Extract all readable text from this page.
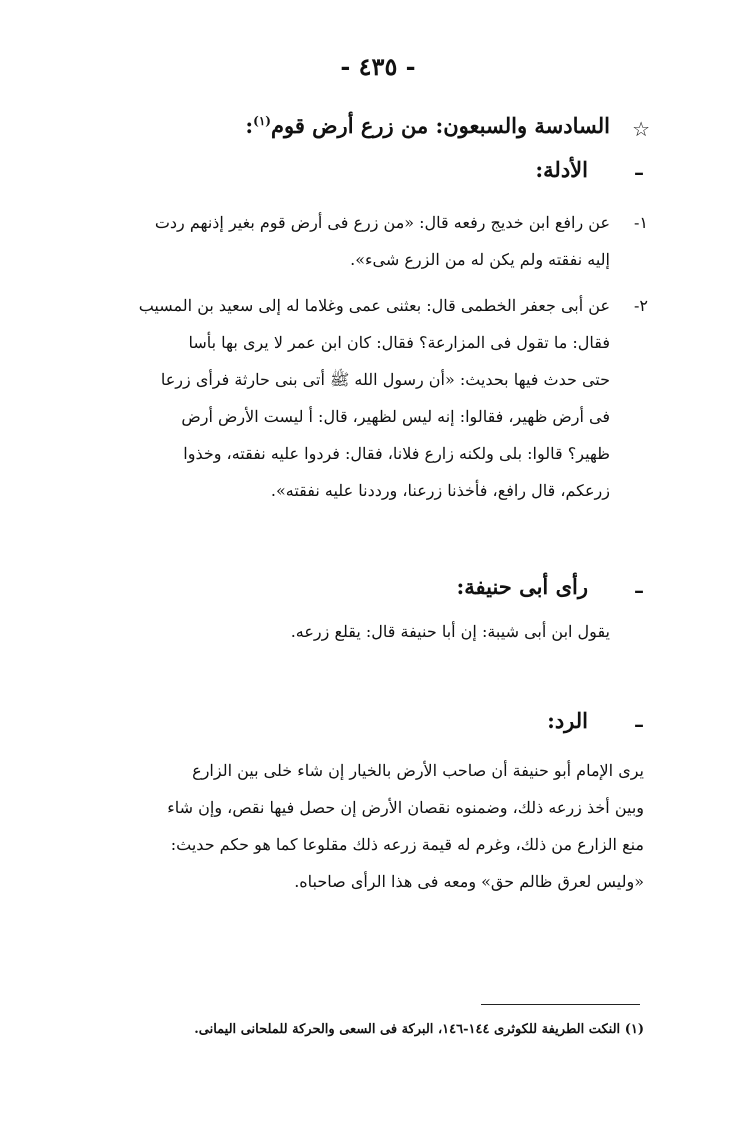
- ٤٣٥ -
☆
السادسة والسبعون: من زرع أرض قوم$^{(١)}$:
–
الأدلة:
١-
عن رافع ابن خديج رفعه قال: «من زرع فى أرض قوم بغير إذنهم ردت
إليه نفقته ولم يكن له من الزرع شىء».
٢-
عن أبى جعفر الخطمى قال: بعثنى عمى وغلاما له إلى سعيد بن المسيب
فقال: ما تقول فى المزارعة؟ فقال: كان ابن عمر لا يرى بها بأسا
حتى حدث فيها بحديث: «أن رسول الله ﷺ أتى بنى حارثة فرأى زرعا
فى أرض ظهير، فقالوا: إنه ليس لظهير، قال: أ ليست الأرض أرض
ظهير؟ قالوا: بلى ولكنه زارع فلانا، فقال: فردوا عليه نفقته، وخذوا
زرعكم، قال رافع، فأخذنا زرعنا، ورددنا عليه نفقته».
–
رأى أبى حنيفة:
يقول ابن أبى شيبة: إن أبا حنيفة قال: يقلع زرعه.
–
الرد:
يرى الإمام أبو حنيفة أن صاحب الأرض بالخيار إن شاء خلى بين الزارع
وبين أخذ زرعه ذلك، وضمنوه نقصان الأرض إن حصل فيها نقص، وإن شاء
منع الزارع من ذلك، وغرم له قيمة زرعه ذلك مقلوعا كما هو حكم حديث:
«وليس لعرق ظالم حق» ومعه فى هذا الرأى صاحباه.
(١) النكت الطريفة للكوثرى ١٤٤-١٤٦، البركة فى السعى والحركة للملحانى اليمانى.
